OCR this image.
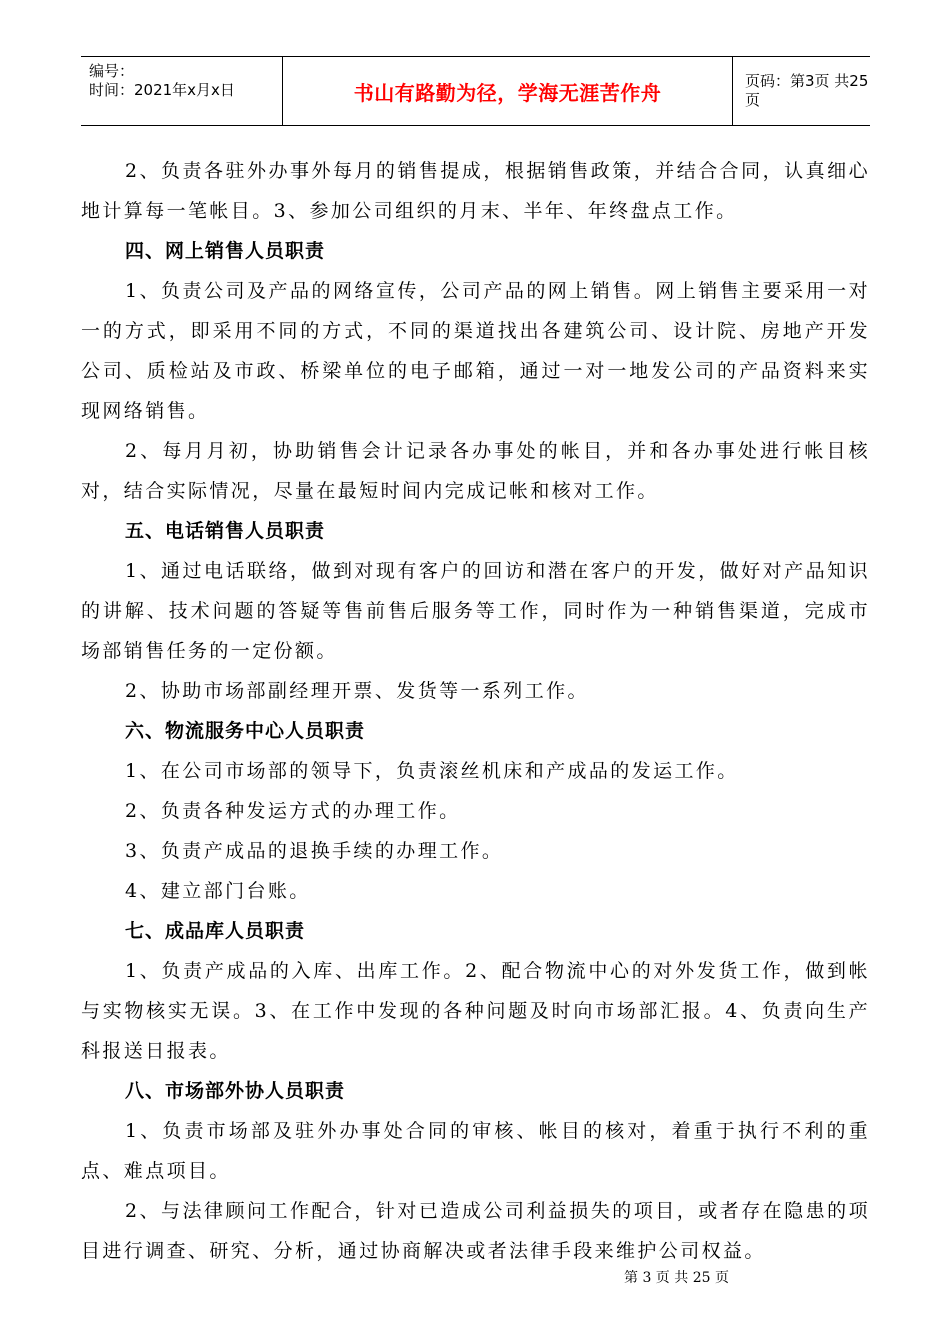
编号：
时间：2021年x月x日	书山有路勤为径，学海无涯苦作舟	页码：第3页 共25页

2、负责各驻外办事外每月的销售提成，根据销售政策，并结合合同，认真细心地计算每一笔帐目。3、参加公司组织的月末、半年、年终盘点工作。

四、网上销售人员职责

1、负责公司及产品的网络宣传，公司产品的网上销售。网上销售主要采用一对一的方式，即采用不同的方式，不同的渠道找出各建筑公司、设计院、房地产开发公司、质检站及市政、桥梁单位的电子邮箱，通过一对一地发公司的产品资料来实现网络销售。

2、每月月初，协助销售会计记录各办事处的帐目，并和各办事处进行帐目核对，结合实际情况，尽量在最短时间内完成记帐和核对工作。

五、电话销售人员职责

1、通过电话联络，做到对现有客户的回访和潜在客户的开发，做好对产品知识的讲解、技术问题的答疑等售前售后服务等工作，同时作为一种销售渠道，完成市场部销售任务的一定份额。

2、协助市场部副经理开票、发货等一系列工作。

六、物流服务中心人员职责

1、在公司市场部的领导下，负责滚丝机床和产成品的发运工作。

2、负责各种发运方式的办理工作。

3、负责产成品的退换手续的办理工作。

4、建立部门台账。

七、成品库人员职责

1、负责产成品的入库、出库工作。2、配合物流中心的对外发货工作，做到帐与实物核实无误。3、在工作中发现的各种问题及时向市场部汇报。4、负责向生产科报送日报表。

八、市场部外协人员职责

1、负责市场部及驻外办事处合同的审核、帐目的核对，着重于执行不利的重点、难点项目。

2、与法律顾问工作配合，针对已造成公司利益损失的项目，或者存在隐患的项目进行调查、研究、分析，通过协商解决或者法律手段来维护公司权益。

第 3 页 共 25 页
